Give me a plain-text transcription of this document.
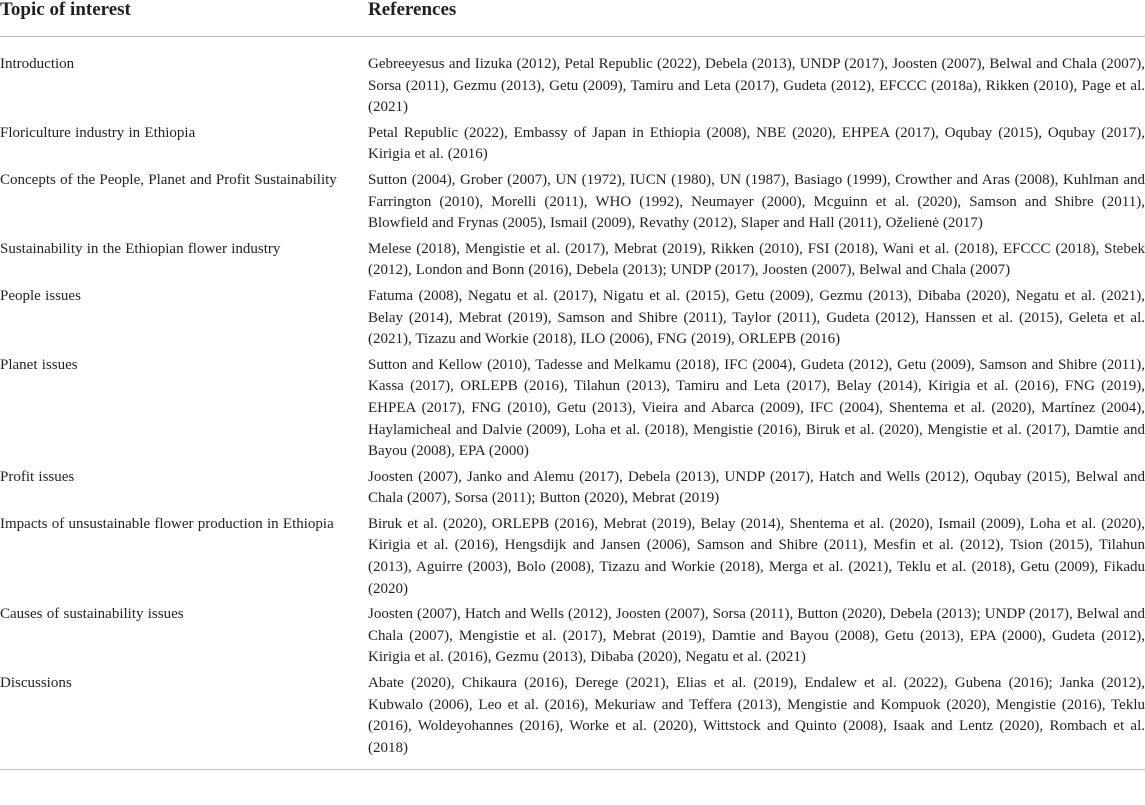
Topic of interest	References
Introduction	Gebreeyesus and Iizuka (2012), Petal Republic (2022), Debela (2013), UNDP (2017), Joosten (2007), Belwal and Chala (2007), Sorsa (2011), Gezmu (2013), Getu (2009), Tamiru and Leta (2017), Gudeta (2012), EFCCC (2018a), Rikken (2010), Page et al. (2021)
Floriculture industry in Ethiopia	Petal Republic (2022), Embassy of Japan in Ethiopia (2008), NBE (2020), EHPEA (2017), Oqubay (2015), Oqubay (2017), Kirigia et al. (2016)
Concepts of the People, Planet and Profit Sustainability	Sutton (2004), Grober (2007), UN (1972), IUCN (1980), UN (1987), Basiago (1999), Crowther and Aras (2008), Kuhlman and Farrington (2010), Morelli (2011), WHO (1992), Neumayer (2000), Mcguinn et al. (2020), Samson and Shibre (2011), Blowfield and Frynas (2005), Ismail (2009), Revathy (2012), Slaper and Hall (2011), Oželienė (2017)
Sustainability in the Ethiopian flower industry	Melese (2018), Mengistie et al. (2017), Mebrat (2019), Rikken (2010), FSI (2018), Wani et al. (2018), EFCCC (2018), Stebek (2012), London and Bonn (2016), Debela (2013); UNDP (2017), Joosten (2007), Belwal and Chala (2007)
People issues	Fatuma (2008), Negatu et al. (2017), Nigatu et al. (2015), Getu (2009), Gezmu (2013), Dibaba (2020), Negatu et al. (2021), Belay (2014), Mebrat (2019), Samson and Shibre (2011), Taylor (2011), Gudeta (2012), Hanssen et al. (2015), Geleta et al. (2021), Tizazu and Workie (2018), ILO (2006), FNG (2019), ORLEPB (2016)
Planet issues	Sutton and Kellow (2010), Tadesse and Melkamu (2018), IFC (2004), Gudeta (2012), Getu (2009), Samson and Shibre (2011), Kassa (2017), ORLEPB (2016), Tilahun (2013), Tamiru and Leta (2017), Belay (2014), Kirigia et al. (2016), FNG (2019), EHPEA (2017), FNG (2010), Getu (2013), Vieira and Abarca (2009), IFC (2004), Shentema et al. (2020), Martínez (2004), Haylamicheal and Dalvie (2009), Loha et al. (2018), Mengistie (2016), Biruk et al. (2020), Mengistie et al. (2017), Damtie and Bayou (2008), EPA (2000)
Profit issues	Joosten (2007), Janko and Alemu (2017), Debela (2013), UNDP (2017), Hatch and Wells (2012), Oqubay (2015), Belwal and Chala (2007), Sorsa (2011); Button (2020), Mebrat (2019)
Impacts of unsustainable flower production in Ethiopia	Biruk et al. (2020), ORLEPB (2016), Mebrat (2019), Belay (2014), Shentema et al. (2020), Ismail (2009), Loha et al. (2020), Kirigia et al. (2016), Hengsdijk and Jansen (2006), Samson and Shibre (2011), Mesfin et al. (2012), Tsion (2015), Tilahun (2013), Aguirre (2003), Bolo (2008), Tizazu and Workie (2018), Merga et al. (2021), Teklu et al. (2018), Getu (2009), Fikadu (2020)
Causes of sustainability issues	Joosten (2007), Hatch and Wells (2012), Joosten (2007), Sorsa (2011), Button (2020), Debela (2013); UNDP (2017), Belwal and Chala (2007), Mengistie et al. (2017), Mebrat (2019), Damtie and Bayou (2008), Getu (2013), EPA (2000), Gudeta (2012), Kirigia et al. (2016), Gezmu (2013), Dibaba (2020), Negatu et al. (2021)
Discussions	Abate (2020), Chikaura (2016), Derege (2021), Elias et al. (2019), Endalew et al. (2022), Gubena (2016); Janka (2012), Kubwalo (2006), Leo et al. (2016), Mekuriaw and Teffera (2013), Mengistie and Kompuok (2020), Mengistie (2016), Teklu (2016), Woldeyohannes (2016), Worke et al. (2020), Wittstock and Quinto (2008), Isaak and Lentz (2020), Rombach et al. (2018)
